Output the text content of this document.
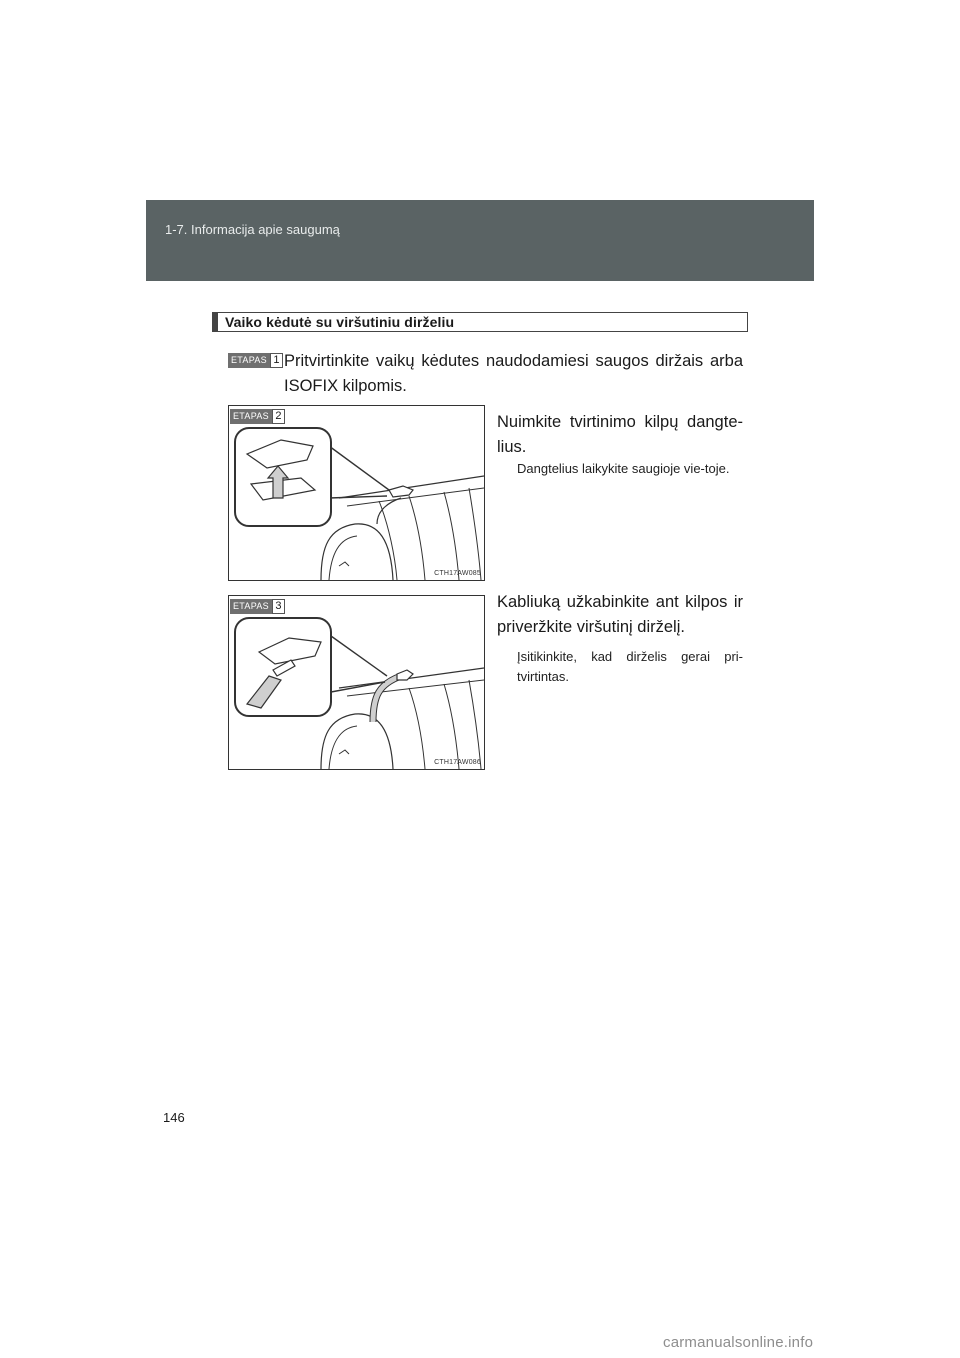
1-7. Informacija apie saugumą
Vaiko kėdutė su viršutiniu dirželiu
ETAPAS 1 Pritvirtinkite vaikų kėdutes naudodamiesi saugos diržais arba ISOFIX kilpomis.
ETAPAS 2
CTH17AW085
Nuimkite tvirtinimo kilpų dangte-lius.
Dangtelius laikykite saugioje vie-toje.
ETAPAS 3
CTH17AW086
Kabliuką užkabinkite ant kilpos ir priveržkite viršutinį dirželį.
Įsitikinkite, kad dirželis gerai pri-tvirtintas.
146
carmanualsonline.info
